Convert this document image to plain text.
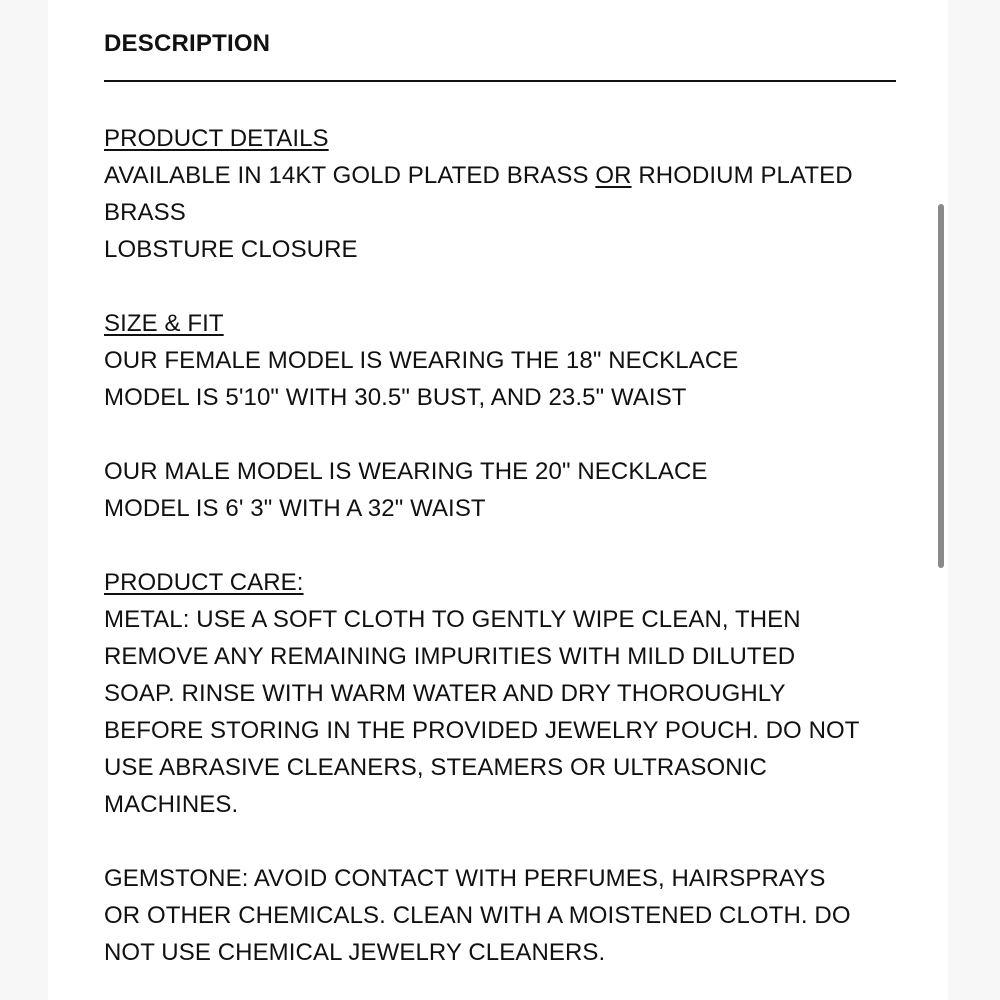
DESCRIPTION
PRODUCT DETAILS
AVAILABLE IN 14KT GOLD PLATED BRASS OR RHODIUM PLATED
BRASS
LOBSTURE CLOSURE
SIZE & FIT
OUR FEMALE MODEL IS WEARING THE 18" NECKLACE
MODEL IS 5'10" WITH 30.5" BUST, AND 23.5" WAIST
OUR MALE MODEL IS WEARING THE 20" NECKLACE
MODEL IS 6' 3" WITH A 32" WAIST
PRODUCT CARE:
METAL: USE A SOFT CLOTH TO GENTLY WIPE CLEAN, THEN
REMOVE ANY REMAINING IMPURITIES WITH MILD DILUTED
SOAP. RINSE WITH WARM WATER AND DRY THOROUGHLY
BEFORE STORING IN THE PROVIDED JEWELRY POUCH. DO NOT
USE ABRASIVE CLEANERS, STEAMERS OR ULTRASONIC
MACHINES.
GEMSTONE: AVOID CONTACT WITH PERFUMES, HAIRSPRAYS
OR OTHER CHEMICALS. CLEAN WITH A MOISTENED CLOTH. DO
NOT USE CHEMICAL JEWELRY CLEANERS.
